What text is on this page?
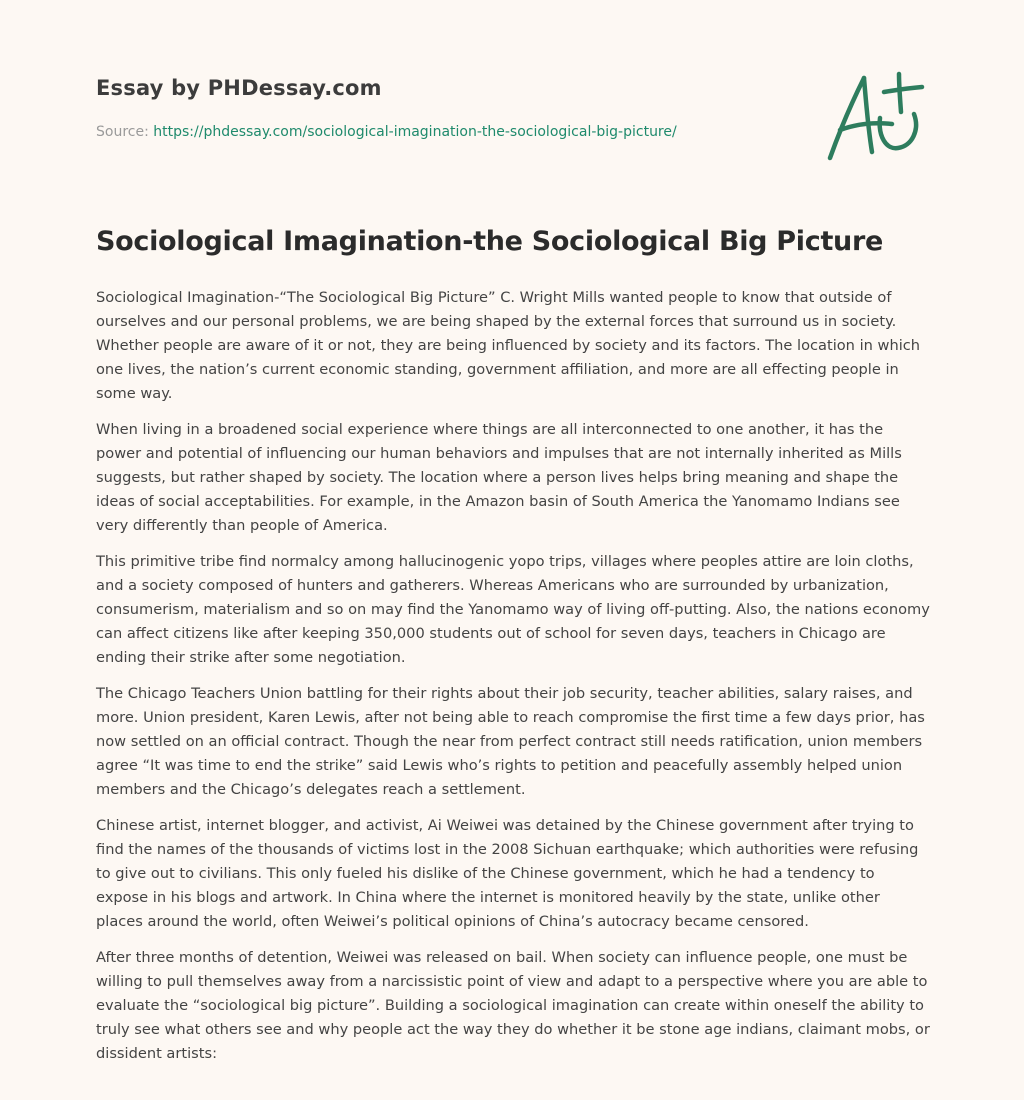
Essay by PHDessay.com
Source: https://phdessay.com/sociological-imagination-the-sociological-big-picture/
Sociological Imagination-the Sociological Big Picture

Sociological Imagination-“The Sociological Big Picture” C. Wright Mills wanted people to know that outside of ourselves and our personal problems, we are being shaped by the external forces that surround us in society. Whether people are aware of it or not, they are being influenced by society and its factors. The location in which one lives, the nation’s current economic standing, government affiliation, and more are all effecting people in some way.

When living in a broadened social experience where things are all interconnected to one another, it has the power and potential of influencing our human behaviors and impulses that are not internally inherited as Mills suggests, but rather shaped by society. The location where a person lives helps bring meaning and shape the ideas of social acceptabilities. For example, in the Amazon basin of South America the Yanomamo Indians see very differently than people of America.

This primitive tribe find normalcy among hallucinogenic yopo trips, villages where peoples attire are loin cloths, and a society composed of hunters and gatherers. Whereas Americans who are surrounded by urbanization, consumerism, materialism and so on may find the Yanomamo way of living off-putting. Also, the nations economy can affect citizens like after keeping 350,000 students out of school for seven days, teachers in Chicago are ending their strike after some negotiation.

The Chicago Teachers Union battling for their rights about their job security, teacher abilities, salary raises, and more. Union president, Karen Lewis, after not being able to reach compromise the first time a few days prior, has now settled on an official contract. Though the near from perfect contract still needs ratification, union members agree “It was time to end the strike” said Lewis who’s rights to petition and peacefully assembly helped union members and the Chicago’s delegates reach a settlement.

Chinese artist, internet blogger, and activist, Ai Weiwei was detained by the Chinese government after trying to find the names of the thousands of victims lost in the 2008 Sichuan earthquake; which authorities were refusing to give out to civilians. This only fueled his dislike of the Chinese government, which he had a tendency to expose in his blogs and artwork. In China where the internet is monitored heavily by the state, unlike other places around the world, often Weiwei’s political opinions of China’s autocracy became censored.

After three months of detention, Weiwei was released on bail. When society can influence people, one must be willing to pull themselves away from a narcissistic point of view and adapt to a perspective where you are able to evaluate the “sociological big picture”. Building a sociological imagination can create within oneself the ability to truly see what others see and why people act the way they do whether it be stone age indians, claimant mobs, or dissident artists:
